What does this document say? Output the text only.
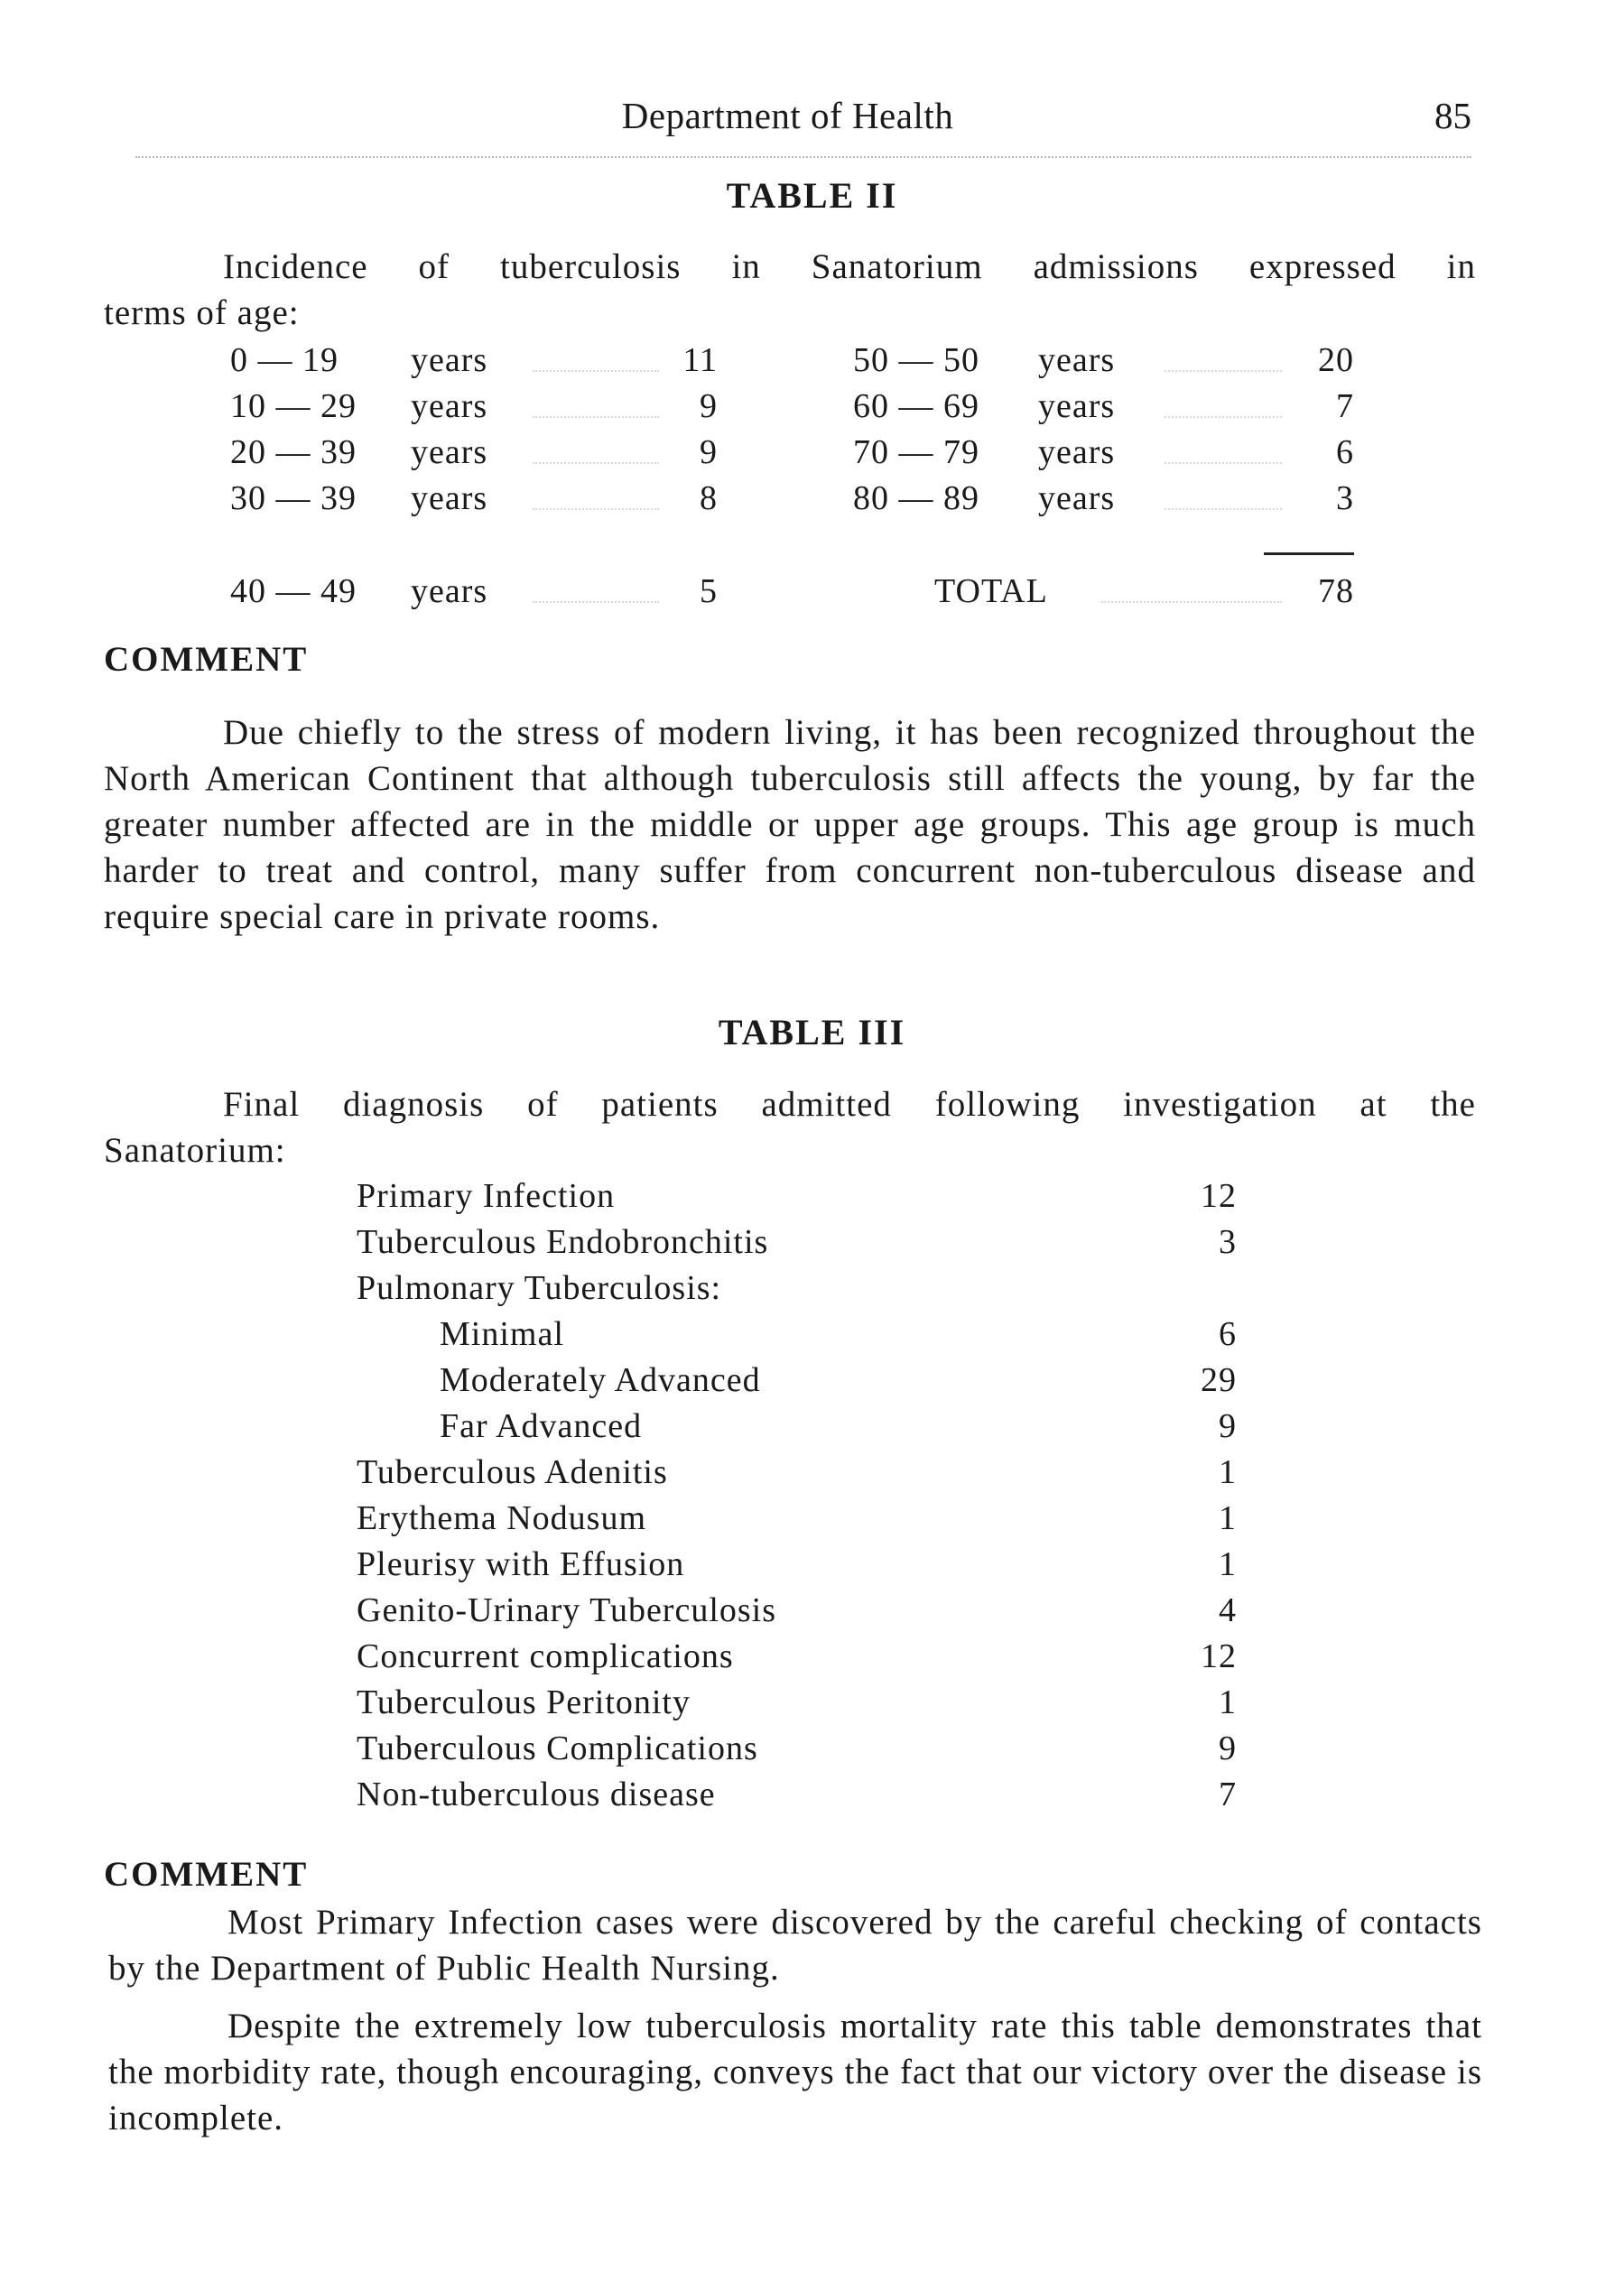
Department of Health	85
TABLE II
Incidence of tuberculosis in Sanatorium admissions expressed in
terms of age:
0 — 19 years	11
10 — 29 years	9
20 — 39 years	9
30 — 39 years	8
40 — 49 years	5
50 — 50 years	20
60 — 69 years	7
70 — 79 years	6
80 — 89 years	3
TOTAL	78
COMMENT
Due chiefly to the stress of modern living, it has been recognized throughout the North American Continent that although tuberculosis still affects the young, by far the greater number affected are in the middle or upper age groups. This age group is much harder to treat and control, many suffer from concurrent non-tuberculous disease and require special care in private rooms.
TABLE III
Final diagnosis of patients admitted following investigation at the
Sanatorium:
Primary Infection	12
Tuberculous Endobronchitis	3
Pulmonary Tuberculosis:
Minimal	6
Moderately Advanced	29
Far Advanced	9
Tuberculous Adenitis	1
Erythema Nodusum	1
Pleurisy with Effusion	1
Genito-Urinary Tuberculosis	4
Concurrent complications	12
Tuberculous Peritonity	1
Tuberculous Complications	9
Non-tuberculous disease	7
COMMENT
Most Primary Infection cases were discovered by the careful checking of contacts by the Department of Public Health Nursing.
Despite the extremely low tuberculosis mortality rate this table demonstrates that the morbidity rate, though encouraging, conveys the fact that our victory over the disease is incomplete.
